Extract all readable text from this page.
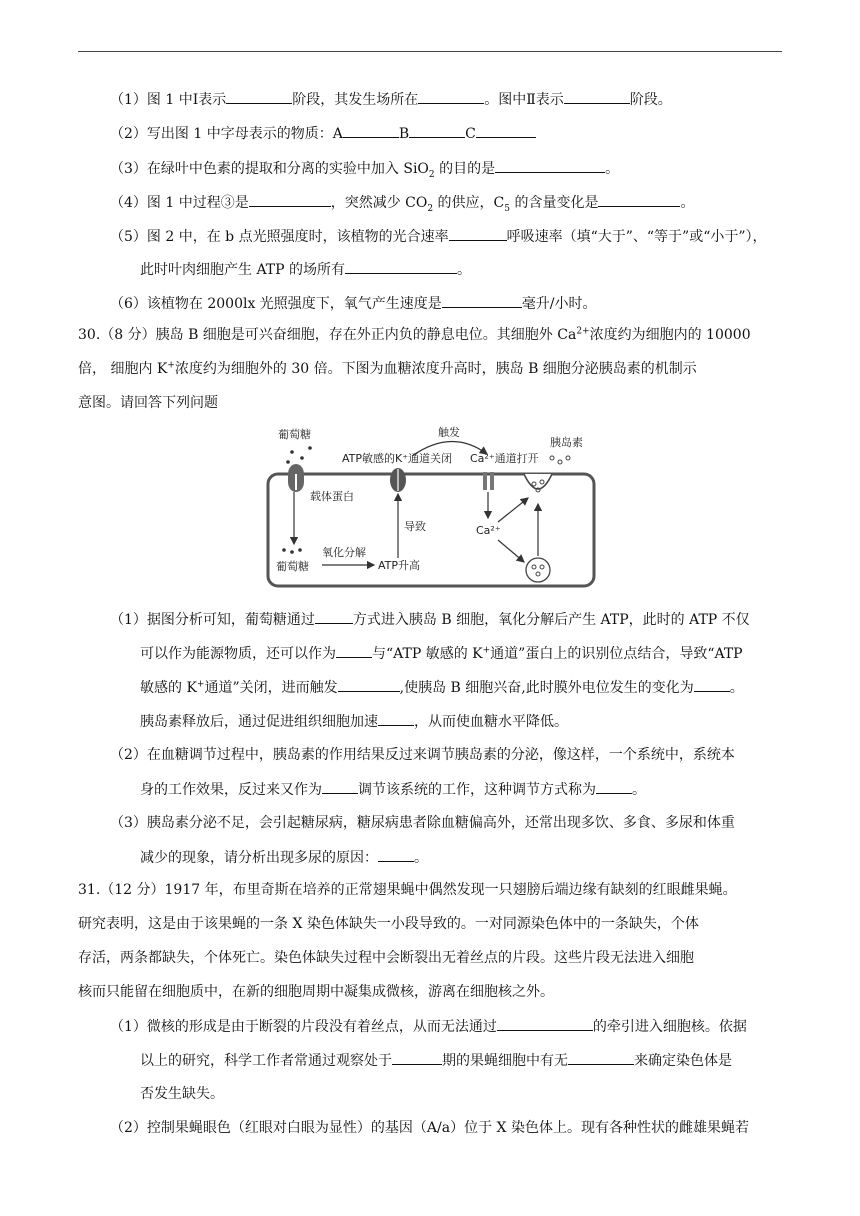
（1）图 1 中Ⅰ表示	阶段，其发生场所在	。图中Ⅱ表示	阶段。
（2）写出图 1 中字母表示的物质：A	B	C
（3）在绿叶中色素的提取和分离的实验中加入 SiO$_2$ 的目的是	。
（4）图 1 中过程③是	，突然减少 $CO_2$ 的供应，$C_5$ 的含量变化是	。
（5）图 2 中，在 b 点光照强度时，该植物的光合速率	呼吸速率（填“大于”、“等于”或“小于”），
此时叶肉细胞产生 ATP 的场所有	。
（6）该植物在 2000lx 光照强度下，氧气产生速度是	毫升/小时。
30.（8 分）胰岛 B 细胞是可兴奋细胞，存在外正内负的静息电位。其细胞外 $Ca^{2+}$浓度约为细胞内的 10000
倍， 细胞内 K+浓度约为细胞外的 30 倍。下图为血糖浓度升高时，胰岛 B 细胞分泌胰岛素的机制示
意图。请回答下列问题
葡萄糖
载体蛋白
葡萄糖
氧化分解
ATP升高
导致
ATP敏感的K⁺通道关闭
触发
Ca²⁺通道打开
Ca²⁺
胰岛素
（1）据图分析可知，葡萄糖通过	方式进入胰岛 B 细胞，氧化分解后产生 ATP，此时的 ATP 不仅
可以作为能源物质，还可以作为	与“ATP 敏感的 K+通道”蛋白上的识别位点结合，导致“ATP
敏感的 K+通道”关闭，进而触发	,使胰岛 B 细胞兴奋,此时膜外电位发生的变化为	。
胰岛素释放后，通过促进组织细胞加速	，从而使血糖水平降低。
（2）在血糖调节过程中，胰岛素的作用结果反过来调节胰岛素的分泌，像这样，一个系统中，系统本
身的工作效果，反过来又作为	调节该系统的工作，这种调节方式称为	。
（3）胰岛素分泌不足，会引起糖尿病，糖尿病患者除血糖偏高外，还常出现多饮、多食、多尿和体重
减少的现象，请分析出现多尿的原因：	。
31.（12 分）1917 年，布里奇斯在培养的正常翅果蝇中偶然发现一只翅膀后端边缘有缺刻的红眼雌果蝇。
研究表明，这是由于该果蝇的一条 X 染色体缺失一小段导致的。一对同源染色体中的一条缺失，个体
存活，两条都缺失，个体死亡。染色体缺失过程中会断裂出无着丝点的片段。这些片段无法进入细胞
核而只能留在细胞质中，在新的细胞周期中凝集成微核，游离在细胞核之外。
（1）微核的形成是由于断裂的片段没有着丝点，从而无法通过	的牵引进入细胞核。依据
以上的研究，科学工作者常通过观察处于	期的果蝇细胞中有无	来确定染色体是
否发生缺失。
（2）控制果蝇眼色（红眼对白眼为显性）的基因（A/a）位于 X 染色体上。现有各种性状的雌雄果蝇若
